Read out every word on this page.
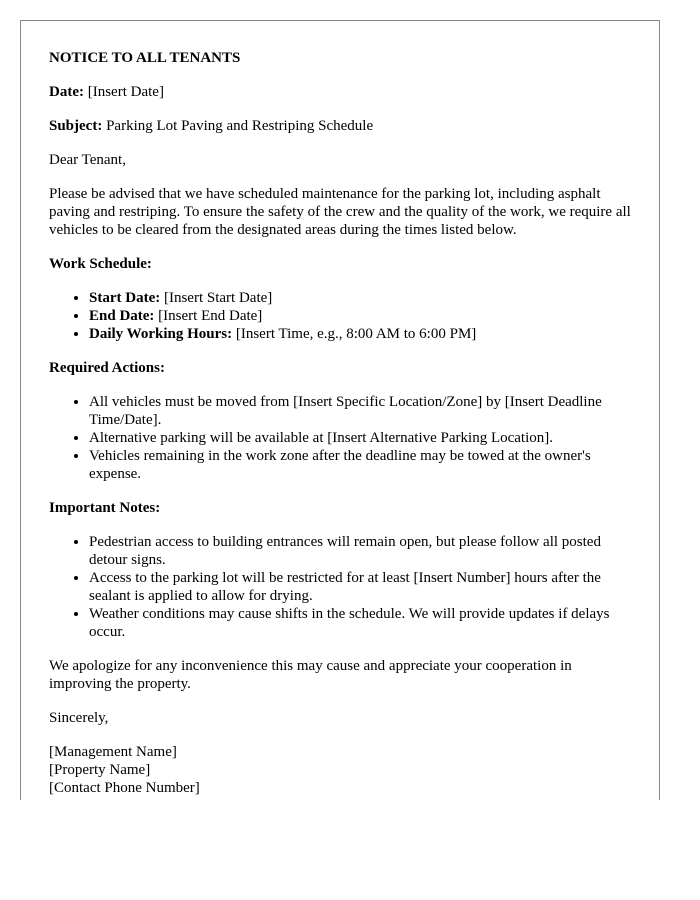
NOTICE TO ALL TENANTS

Date: [Insert Date]

Subject: Parking Lot Paving and Restriping Schedule

Dear Tenant,

Please be advised that we have scheduled maintenance for the parking lot, including asphalt paving and restriping. To ensure the safety of the crew and the quality of the work, we require all vehicles to be cleared from the designated areas during the times listed below.

Work Schedule:

• Start Date: [Insert Start Date]
• End Date: [Insert End Date]
• Daily Working Hours: [Insert Time, e.g., 8:00 AM to 6:00 PM]

Required Actions:

• All vehicles must be moved from [Insert Specific Location/Zone] by [Insert Deadline Time/Date].
• Alternative parking will be available at [Insert Alternative Parking Location].
• Vehicles remaining in the work zone after the deadline may be towed at the owner's expense.

Important Notes:

• Pedestrian access to building entrances will remain open, but please follow all posted detour signs.
• Access to the parking lot will be restricted for at least [Insert Number] hours after the sealant is applied to allow for drying.
• Weather conditions may cause shifts in the schedule. We will provide updates if delays occur.

We apologize for any inconvenience this may cause and appreciate your cooperation in improving the property.

Sincerely,

[Management Name]
[Property Name]
[Contact Phone Number]
